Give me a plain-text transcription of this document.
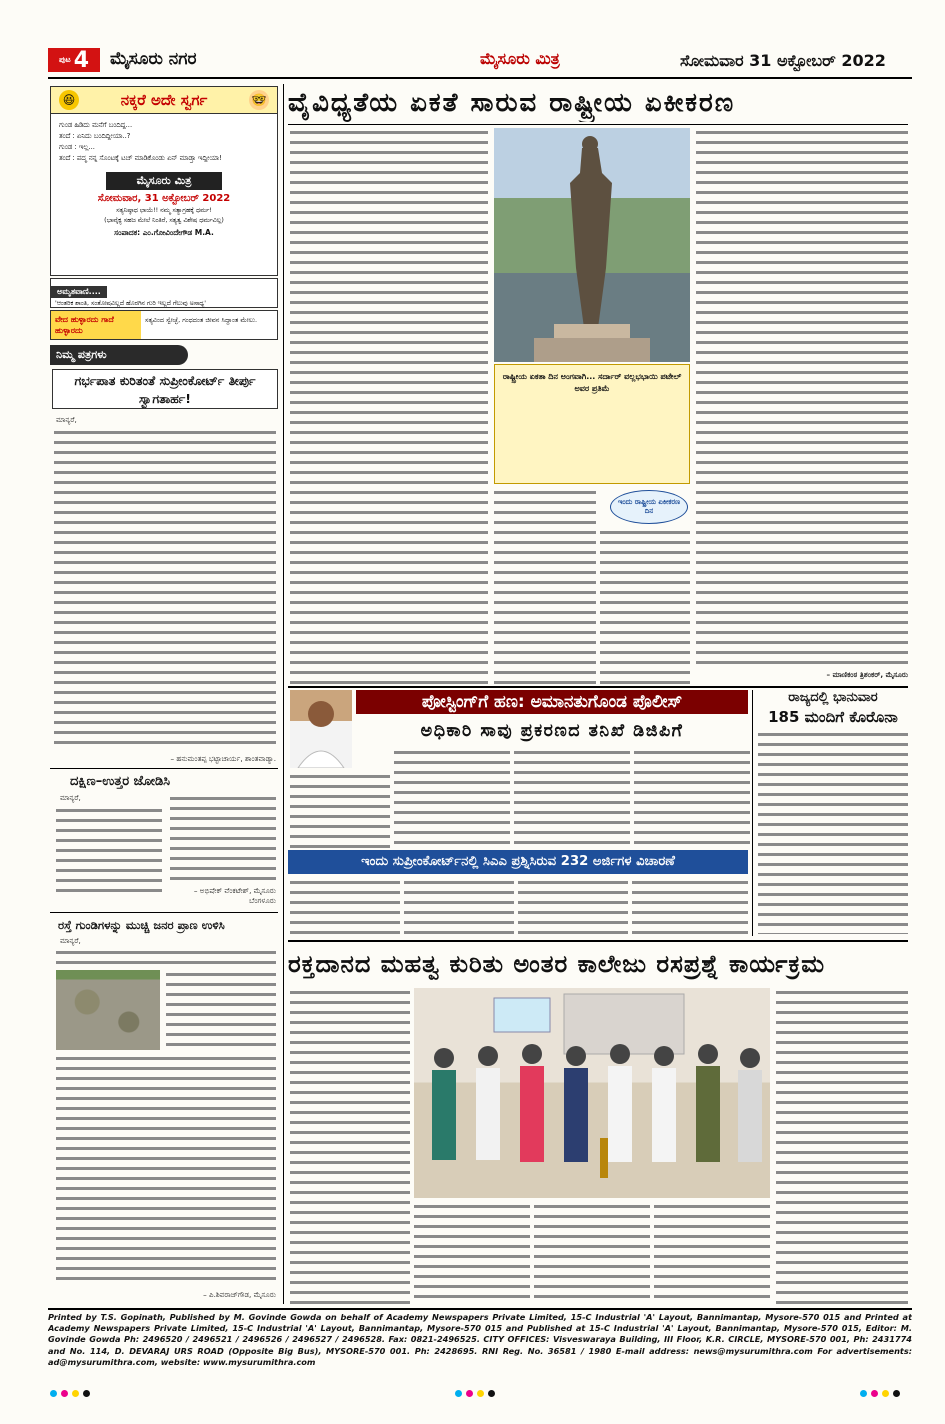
ಪುಟ 4 ಮೈಸೂರು ನಗರ	ಮೈಸೂರು ಮಿತ್ರ	ಸೋಮವಾರ 31 ಅಕ್ಟೋಬರ್ 2022
😆	ನಕ್ಕರೆ ಅದೇ ಸ್ವರ್ಗ	🤓
ಗುಂಡ ಹಿಡಿದು ಮನೆಗೆ ಬಂದಿದ್ದ...
ತಂದೆ : ಏನಿದು ಬಂದಿದ್ದೀಯಾ..?
ಗುಂಡ : ಇಲ್ಲ...
ತಂದೆ : ಪದ್ಮ ನನ್ನ ಸೊಂಟಕ್ಕೆ ಟಚ್ ಮಾಡಿಕೊಂಡು ಏನ್ ಮಾಡ್ತಾ ಇದ್ದೀಯಾ!
ಮೈಸೂರು ಮಿತ್ರ
ಸೋಮವಾರ, 31 ಅಕ್ಟೋಬರ್ 2022
ಸತ್ಯನಿಷ್ಠಾಧ ಛಾಯೆ!! ನಮ್ಮ ಸತ್ಯಾಗ್ರಹಕ್ಕೆ ಧರ್ಮ!
(ಭಾವೈಕ್ಯ ಸಹಜ ಮೇಲೆ ನಿಂತಿರೆ, ಸತ್ಯತ್ವ ವಿಶೇಷ ಧರ್ಮವಿಲ್ಲ)
ಸಂಪಾದಕ: ಎಂ.ಗೋವಿಂದೇಗೌಡ M.A.
ಅಮೃತವಾಣಿ....
'ಆಂತರಿಕ ಶಾಂತಿ, ಸಂತೋಷವಿಲ್ಲದೆ ಹೊರಗಿನ ಗುರಿ ಇಲ್ಲದೆ ಗೆಲುವು ಅಸಾಧ್ಯ'
ವೇದ ಹುಳ್ಳಾರದು ಗಾದೆ ಹುಳ್ಳಾರದು
ಸತ್ಯವಿಂದ ಸ್ವೇಚ್ಛೆ, ಗಂಧದಂತ ಜೀವನ ಸಿದ್ದಾಂತ ಮೇಲು.
ನಿಮ್ಮ ಪತ್ರಗಳು
ಗರ್ಭಪಾತ ಕುರಿತಂತೆ ಸುಪ್ರೀಂಕೋರ್ಟ್ ತೀರ್ಪು ಸ್ವಾಗತಾರ್ಹ!
ಮಾನ್ಯರೆ,
– ಹನುಮಂತಪ್ಪ ಭಟ್ಟಾಚಾರ್ಯ, ಶಾಂತವಾಡ್ಯಾ.
ದಕ್ಷಿಣ–ಉತ್ತರ ಜೋಡಿಸಿ
ಮಾನ್ಯರೆ,
– ಅಭಿಷೇಕ್ ವೆಂಕಟೇಶ್, ಮೈಸೂರು ಬೆಂಗಳೂರು
ರಸ್ತೆ ಗುಂಡಿಗಳನ್ನು ಮುಚ್ಚಿ ಜನರ ಪ್ರಾಣ ಉಳಿಸಿ
ಮಾನ್ಯರೆ,
– ಪಿ.ಶಿವರಾಜ್‌ಗೌಡ, ಮೈಸೂರು
ವೈವಿಧ್ಯತೆಯ ಏಕತೆ ಸಾರುವ ರಾಷ್ಟ್ರೀಯ ಏಕೀಕರಣ
ರಾಷ್ಟ್ರೀಯ ಏಕತಾ ದಿನ ಅಂಗವಾಗಿ... ಸರ್ದಾರ್ ವಲ್ಲಭಭಾಯಿ ಪಟೇಲ್ ಅವರ ಪ್ರತಿಮೆ
ಇಂದು ರಾಷ್ಟ್ರೀಯ ಏಕೀಕರಣ ದಿನ
– ಮಾಣಿಕಂಠ ತ್ರಿಶಂಕರ್, ಮೈಸೂರು
ಪೋಸ್ಟಿಂಗ್‌ಗೆ ಹಣ: ಅಮಾನತುಗೊಂಡ ಪೊಲೀಸ್
ಅಧಿಕಾರಿ ಸಾವು ಪ್ರಕರಣದ ತನಿಖೆ ಡಿಜಿಪಿಗೆ
ರಾಜ್ಯದಲ್ಲಿ ಭಾನುವಾರ
185 ಮಂದಿಗೆ ಕೊರೊನಾ
ಇಂದು ಸುಪ್ರೀಂಕೋರ್ಟ್‌ನಲ್ಲಿ ಸಿಎಎ ಪ್ರಶ್ನಿಸಿರುವ 232 ಅರ್ಜಿಗಳ ವಿಚಾರಣೆ
ರಕ್ತದಾನದ ಮಹತ್ವ ಕುರಿತು ಅಂತರ ಕಾಲೇಜು ರಸಪ್ರಶ್ನೆ ಕಾರ್ಯಕ್ರಮ
Printed by T.S. Gopinath, Published by M. Govinde Gowda on behalf of Academy Newspapers Private Limited, 15-C Industrial 'A' Layout, Bannimantap, Mysore-570 015 and Printed at Academy Newspapers Private Limited, 15-C Industrial 'A' Layout, Bannimantap, Mysore-570 015 and Published at 15-C Industrial 'A' Layout, Bannimantap, Mysore-570 015, Editor: M. Govinde Gowda Ph: 2496520 / 2496521 / 2496526 / 2496527 / 2496528. Fax: 0821-2496525. CITY OFFICES: Visveswaraya Building, III Floor, K.R. CIRCLE, MYSORE-570 001, Ph: 2431774 and No. 114, D. DEVARAJ URS ROAD (Opposite Big Bus), MYSORE-570 001. Ph: 2428695. RNI Reg. No. 36581 / 1980 E-mail address: news@mysurumithra.com For advertisements: ad@mysurumithra.com, website: www.mysurumithra.com
